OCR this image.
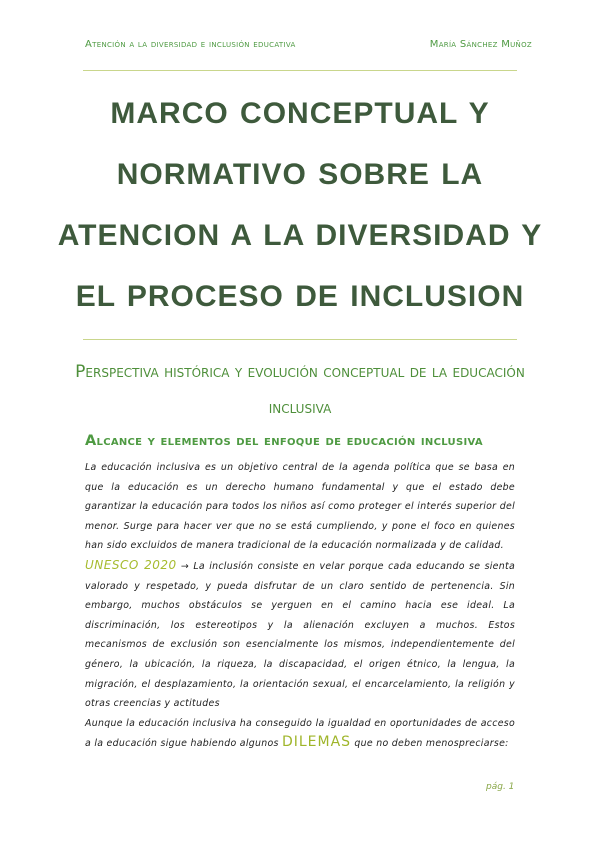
Atención a la diversidad e inclusión educativa	María Sánchez Muñoz
MARCO CONCEPTUAL Y NORMATIVO SOBRE LA ATENCION A LA DIVERSIDAD Y EL PROCESO DE INCLUSION
Perspectiva histórica y evolución conceptual de la educación inclusiva
Alcance y elementos del enfoque de educación inclusiva

La educación inclusiva es un objetivo central de la agenda política que se basa en que la educación es un derecho humano fundamental y que el estado debe garantizar la educación para todos los niños así como proteger el interés superior del menor. Surge para hacer ver que no se está cumpliendo, y pone el foco en quienes han sido excluidos de manera tradicional de la educación normalizada y de calidad.

UNESCO 2020 → La inclusión consiste en velar porque cada educando se sienta valorado y respetado, y pueda disfrutar de un claro sentido de pertenencia. Sin embargo, muchos obstáculos se yerguen en el camino hacia ese ideal. La discriminación, los estereotipos y la alienación excluyen a muchos. Estos mecanismos de exclusión son esencialmente los mismos, independientemente del género, la ubicación, la riqueza, la discapacidad, el origen étnico, la lengua, la migración, el desplazamiento, la orientación sexual, el encarcelamiento, la religión y otras creencias y actitudes

Aunque la educación inclusiva ha conseguido la igualdad en oportunidades de acceso a la educación sigue habiendo algunos DILEMAS que no deben menospreciarse:

pág. 1
